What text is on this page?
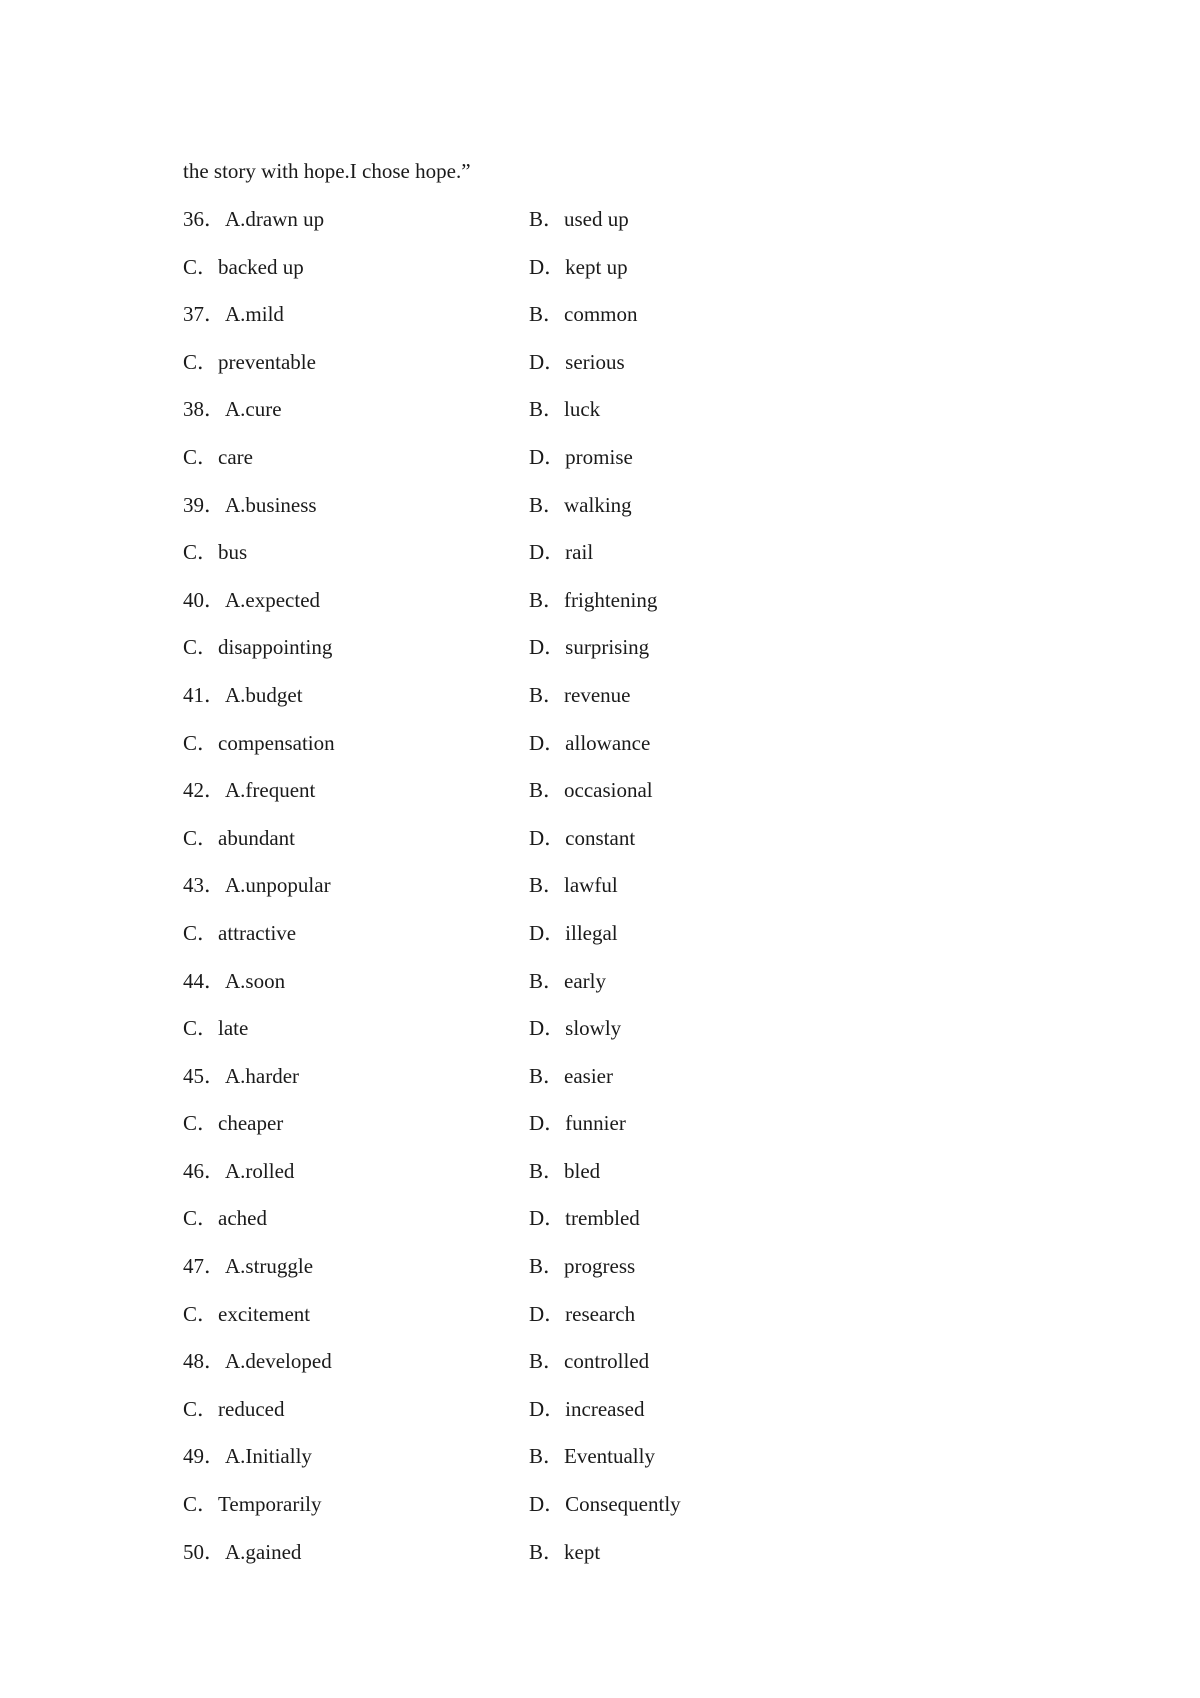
the story with hope.I chose hope.”
36．A.drawn up	B．used up
C．backed up	D．kept up
37．A.mild	B．common
C．preventable	D．serious
38．A.cure	B．luck
C．care	D．promise
39．A.business	B．walking
C．bus	D．rail
40．A.expected	B．frightening
C．disappointing	D．surprising
41．A.budget	B．revenue
C．compensation	D．allowance
42．A.frequent	B．occasional
C．abundant	D．constant
43．A.unpopular	B．lawful
C．attractive	D．illegal
44．A.soon	B．early
C．late	D．slowly
45．A.harder	B．easier
C．cheaper	D．funnier
46．A.rolled	B．bled
C．ached	D．trembled
47．A.struggle	B．progress
C．excitement	D．research
48．A.developed	B．controlled
C．reduced	D．increased
49．A.Initially	B．Eventually
C．Temporarily	D．Consequently
50．A.gained	B．kept
